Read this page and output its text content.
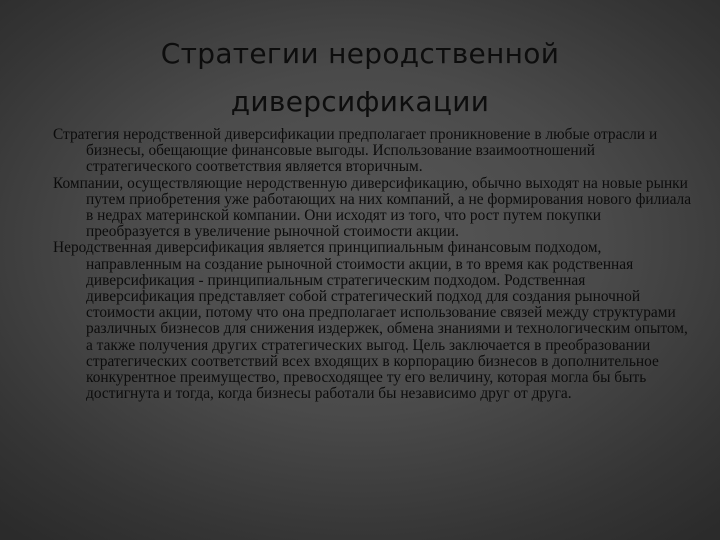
Стратегии неродственной
диверсификации

Стратегия неродственной диверсификации предполагает проникновение в любые отрасли и бизнесы, обещающие финансовые выгоды. Использование взаимоотношений стратегического соответствия является вторичным.

Компании, осуществляющие неродственную диверсификацию, обычно выходят на новые рынки путем приобретения уже работающих на них компаний, а не формирования нового филиала в недрах материнской компании. Они исходят из того, что рост путем покупки преобразуется в увеличение рыночной стоимости акции.

Неродственная диверсификация является принципиальным финансовым подходом, направленным на создание рыночной стоимости акции, в то время как родственная диверсификация - принципиальным стратегическим подходом. Родственная диверсификация представляет собой стратегический подход для создания рыночной стоимости акции, потому что она предполагает использование связей между структурами различных бизнесов для снижения издержек, обмена знаниями и технологическим опытом, а также получения других стратегических выгод. Цель заключается в преобразовании стратегических соответствий всех входящих в корпорацию бизнесов в дополнительное конкурентное преимущество, превосходящее ту его величину, которая могла бы быть достигнута и тогда, когда бизнесы работали бы независимо друг от друга.
